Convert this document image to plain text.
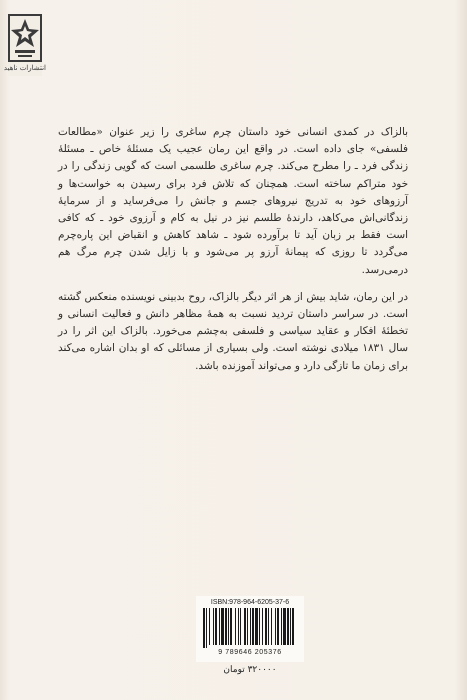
انتشارات ناهید

بالزاک در کمدی انسانی خود داستان چرم ساغری را زیر عنوان «مطالعات فلسفی» جای داده است. در واقع این رمان عجیب یک مسئلهٔ خاص ـ مسئلهٔ زندگی فرد ـ را مطرح می‌کند. چرم ساغری طلسمی است که گویی زندگی را در خود متراکم ساخته است. همچنان که تلاش فرد برای رسیدن به خواست‌ها و آرزوهای خود به تدریج نیروهای جسم و جانش را می‌فرساید و از سرمایهٔ زندگانی‌اش می‌کاهد، دارندهٔ طلسم نیز در نیل به کام و آرزوی خود ـ که کافی است فقط بر زبان آید تا برآورده شود ـ شاهد کاهش و انقباض این پاره‌چرم می‌گردد تا روزی که پیمانهٔ آرزو پر می‌شود و با زایل شدن چرم مرگ هم درمی‌رسد.

در این رمان، شاید بیش از هر اثر دیگر بالزاک، روح بدبینی نویسنده منعکس گشته است. در سراسر داستان تردید نسبت به همهٔ مظاهر دانش و فعالیت انسانی و تخطئهٔ افکار و عقاید سیاسی و فلسفی به‌چشم می‌خورد. بالزاک این اثر را در سال ۱۸۳۱ میلادی نوشته است. ولی بسیاری از مسائلی که او بدان اشاره می‌کند برای زمان ما تازگی دارد و می‌تواند آموزنده باشد.

ISBN:978-964-6205-37-6
9 789646 205376
۳۲۰۰۰۰ تومان
